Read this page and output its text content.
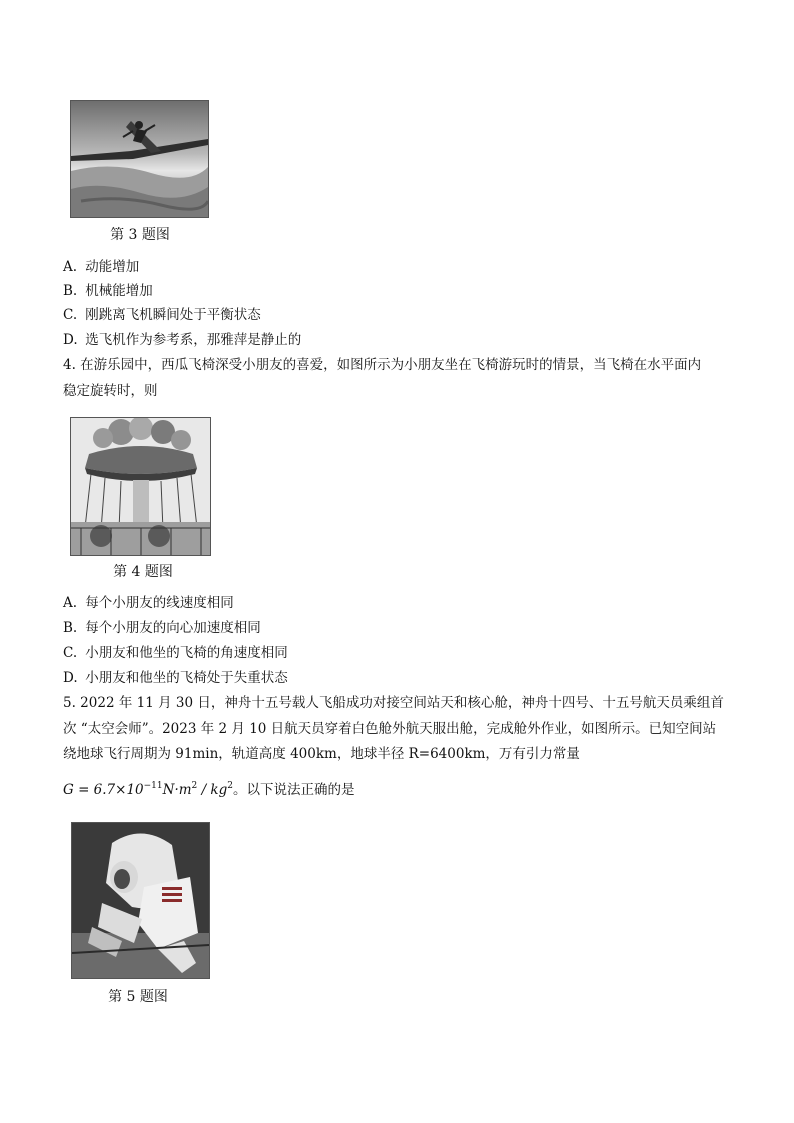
第 3 题图
A. 动能增加
B. 机械能增加
C. 刚跳离飞机瞬间处于平衡状态
D. 选飞机作为参考系，那雅萍是静止的
4. 在游乐园中，西瓜飞椅深受小朋友的喜爱，如图所示为小朋友坐在飞椅游玩时的情景，当飞椅在水平面内
稳定旋转时，则
第 4 题图
A. 每个小朋友的线速度相同
B. 每个小朋友的向心加速度相同
C. 小朋友和他坐的飞椅的角速度相同
D. 小朋友和他坐的飞椅处于失重状态
5. 2022 年 11 月 30 日，神舟十五号载人飞船成功对接空间站天和核心舱，神舟十四号、十五号航天员乘组首
次 “太空会师”。2023 年 2 月 10 日航天员穿着白色舱外航天服出舱，完成舱外作业，如图所示。已知空间站
绕地球飞行周期为 91min，轨道高度 400km，地球半径 R=6400km，万有引力常量
$G = 6.7\times 10^{-11}N\cdot m^2 / kg^2$。以下说法正确的是
第 5 题图
